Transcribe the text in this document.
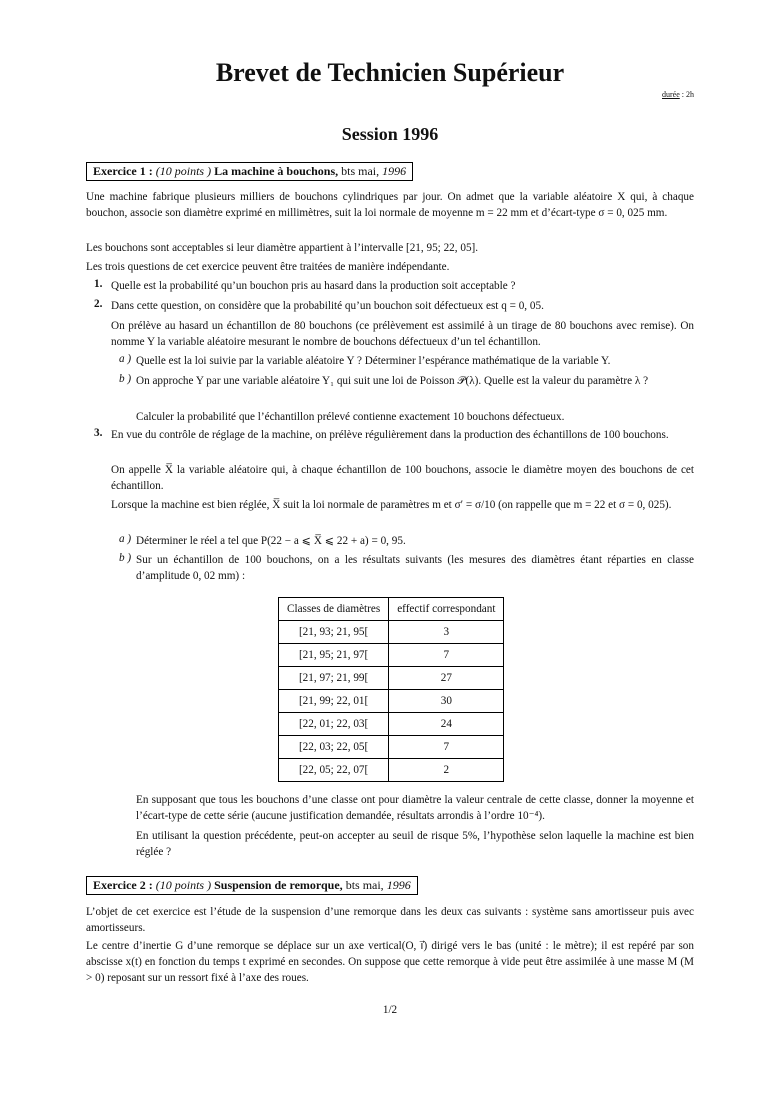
Brevet de Technicien Supérieur
durée : 2h
Session 1996
Exercice 1 : (10 points ) La machine à bouchons, bts mai, 1996
Une machine fabrique plusieurs milliers de bouchons cylindriques par jour. On admet que la variable aléatoire X qui, à chaque bouchon, associe son diamètre exprimé en millimètres, suit la loi normale de moyenne m = 22 mm et d’écart-type σ = 0, 025 mm.
Les bouchons sont acceptables si leur diamètre appartient à l’intervalle [21, 95; 22, 05].
Les trois questions de cet exercice peuvent être traitées de manière indépendante.
1. Quelle est la probabilité qu’un bouchon pris au hasard dans la production soit acceptable ?
2. Dans cette question, on considère que la probabilité qu’un bouchon soit défectueux est q = 0, 05.
On prélève au hasard un échantillon de 80 bouchons (ce prélèvement est assimilé à un tirage de 80 bouchons avec remise). On nomme Y la variable aléatoire mesurant le nombre de bouchons défectueux d’un tel échantillon.
a ) Quelle est la loi suivie par la variable aléatoire Y ? Déterminer l’espérance mathématique de la variable Y.
b ) On approche Y par une variable aléatoire Y₁ qui suit une loi de Poisson 𝒫(λ). Quelle est la valeur du paramètre λ ?
Calculer la probabilité que l’échantillon prélevé contienne exactement 10 bouchons défectueux.
3. En vue du contrôle de réglage de la machine, on prélève régulièrement dans la production des échantillons de 100 bouchons.
On appelle X̅ la variable aléatoire qui, à chaque échantillon de 100 bouchons, associe le diamètre moyen des bouchons de cet échantillon.
Lorsque la machine est bien réglée, X̅ suit la loi normale de paramètres m et σ′ = σ/10 (on rappelle que m = 22 et σ = 0, 025).
a ) Déterminer le réel a tel que P(22 − a ⩽ X̅ ⩽ 22 + a) = 0, 95.
b ) Sur un échantillon de 100 bouchons, on a les résultats suivants (les mesures des diamètres étant réparties en classe d’amplitude 0, 02 mm) :
Classes de diamètres	effectif correspondant
[21, 93; 21, 95[	3
[21, 95; 21, 97[	7
[21, 97; 21, 99[	27
[21, 99; 22, 01[	30
[22, 01; 22, 03[	24
[22, 03; 22, 05[	7
[22, 05; 22, 07[	2
En supposant que tous les bouchons d’une classe ont pour diamètre la valeur centrale de cette classe, donner la moyenne et l’écart-type de cette série (aucune justification demandée, résultats arrondis à l’ordre 10⁻⁴).
En utilisant la question précédente, peut-on accepter au seuil de risque 5%, l’hypothèse selon laquelle la machine est bien réglée ?
Exercice 2 : (10 points ) Suspension de remorque, bts mai, 1996
L’objet de cet exercice est l’étude de la suspension d’une remorque dans les deux cas suivants : système sans amortisseur puis avec amortisseurs.
Le centre d’inertie G d’une remorque se déplace sur un axe vertical(O, i⃗) dirigé vers le bas (unité : le mètre); il est repéré par son abscisse x(t) en fonction du temps t exprimé en secondes. On suppose que cette remorque à vide peut être assimilée à une masse M (M > 0) reposant sur un ressort fixé à l’axe des roues.
1/2
